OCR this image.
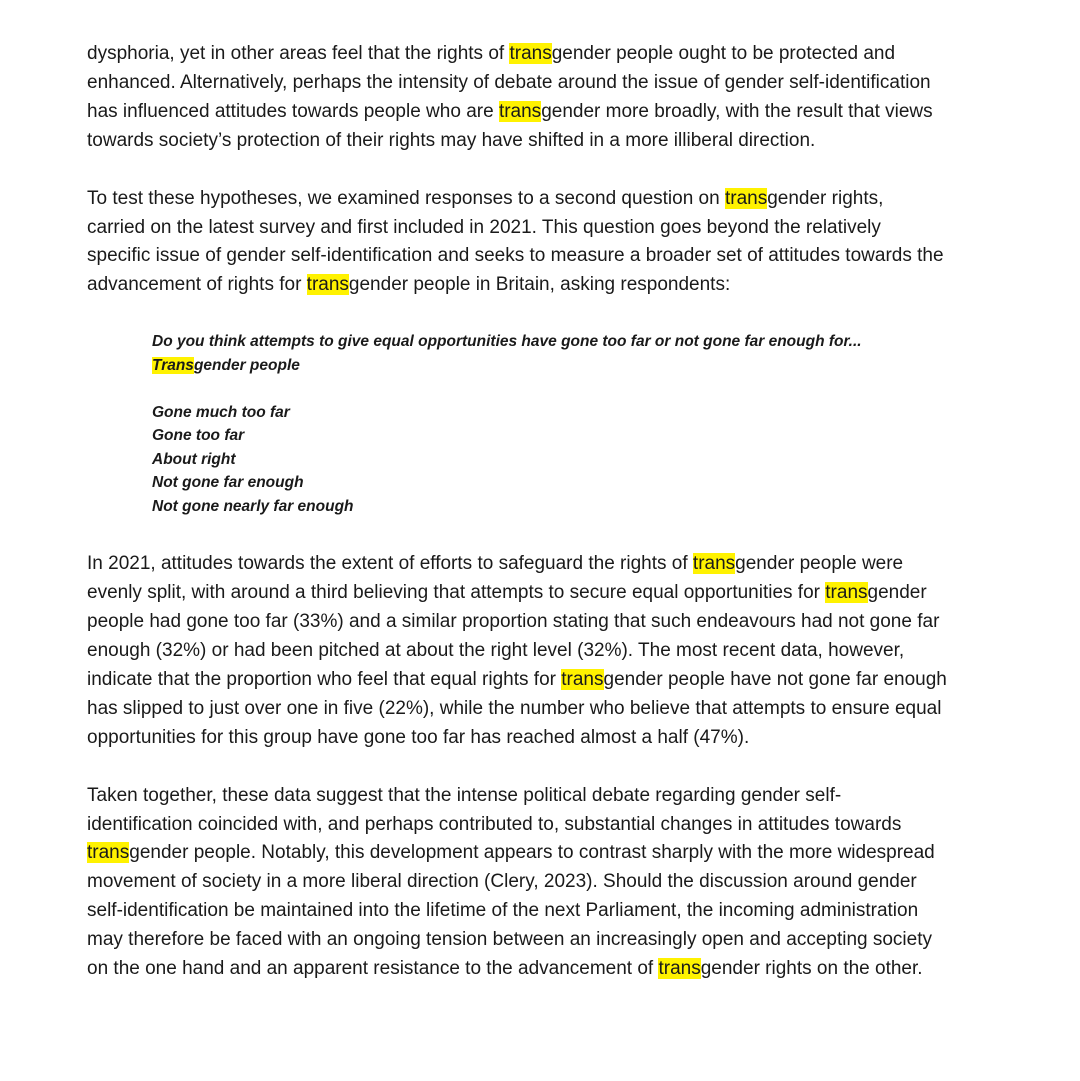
dysphoria, yet in other areas feel that the rights of transgender people ought to be protected and
enhanced. Alternatively, perhaps the intensity of debate around the issue of gender self-identification
has influenced attitudes towards people who are transgender more broadly, with the result that views
towards society’s protection of their rights may have shifted in a more illiberal direction.

To test these hypotheses, we examined responses to a second question on transgender rights,
carried on the latest survey and first included in 2021. This question goes beyond the relatively
specific issue of gender self-identification and seeks to measure a broader set of attitudes towards the
advancement of rights for transgender people in Britain, asking respondents:

Do you think attempts to give equal opportunities have gone too far or not gone far enough for...
Transgender people
Gone much too far
Gone too far
About right
Not gone far enough
Not gone nearly far enough

In 2021, attitudes towards the extent of efforts to safeguard the rights of transgender people were
evenly split, with around a third believing that attempts to secure equal opportunities for transgender
people had gone too far (33%) and a similar proportion stating that such endeavours had not gone far
enough (32%) or had been pitched at about the right level (32%). The most recent data, however,
indicate that the proportion who feel that equal rights for transgender people have not gone far enough
has slipped to just over one in five (22%), while the number who believe that attempts to ensure equal
opportunities for this group have gone too far has reached almost a half (47%).

Taken together, these data suggest that the intense political debate regarding gender self-
identification coincided with, and perhaps contributed to, substantial changes in attitudes towards
transgender people. Notably, this development appears to contrast sharply with the more widespread
movement of society in a more liberal direction (Clery, 2023). Should the discussion around gender
self-identification be maintained into the lifetime of the next Parliament, the incoming administration
may therefore be faced with an ongoing tension between an increasingly open and accepting society
on the one hand and an apparent resistance to the advancement of transgender rights on the other.
